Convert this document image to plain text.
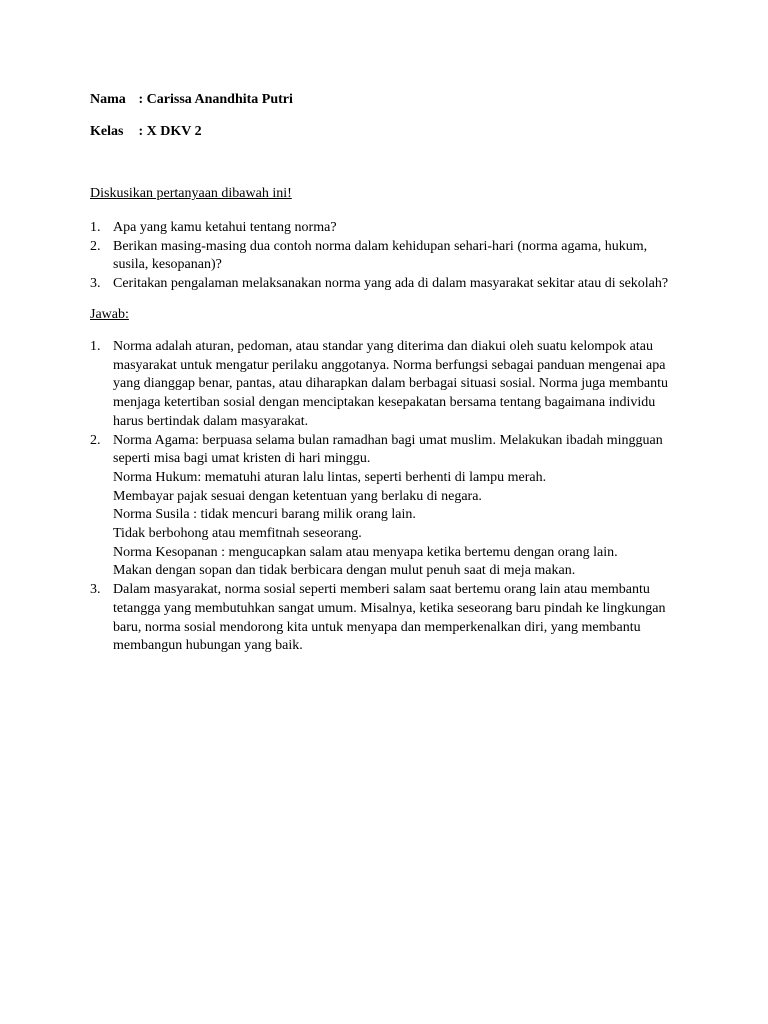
Nama : Carissa Anandhita Putri
Kelas : X DKV 2
Diskusikan pertanyaan dibawah ini!
1. Apa yang kamu ketahui tentang norma?
2. Berikan masing-masing dua contoh norma dalam kehidupan sehari-hari (norma agama, hukum,
susila, kesopanan)?
3. Ceritakan pengalaman melaksanakan norma yang ada di dalam masyarakat sekitar atau di sekolah?
Jawab:
1. Norma adalah aturan, pedoman, atau standar yang diterima dan diakui oleh suatu kelompok atau
masyarakat untuk mengatur perilaku anggotanya. Norma berfungsi sebagai panduan mengenai apa
yang dianggap benar, pantas, atau diharapkan dalam berbagai situasi sosial. Norma juga membantu
menjaga ketertiban sosial dengan menciptakan kesepakatan bersama tentang bagaimana individu
harus bertindak dalam masyarakat.
2. Norma Agama: berpuasa selama bulan ramadhan bagi umat muslim. Melakukan ibadah mingguan
seperti misa bagi umat kristen di hari minggu.
Norma Hukum: mematuhi aturan lalu lintas, seperti berhenti di lampu merah.
Membayar pajak sesuai dengan ketentuan yang berlaku di negara.
Norma Susila : tidak mencuri barang milik orang lain.
Tidak berbohong atau memfitnah seseorang.
Norma Kesopanan : mengucapkan salam atau menyapa ketika bertemu dengan orang lain.
Makan dengan sopan dan tidak berbicara dengan mulut penuh saat di meja makan.
3. Dalam masyarakat, norma sosial seperti memberi salam saat bertemu orang lain atau membantu
tetangga yang membutuhkan sangat umum. Misalnya, ketika seseorang baru pindah ke lingkungan
baru, norma sosial mendorong kita untuk menyapa dan memperkenalkan diri, yang membantu
membangun hubungan yang baik.
